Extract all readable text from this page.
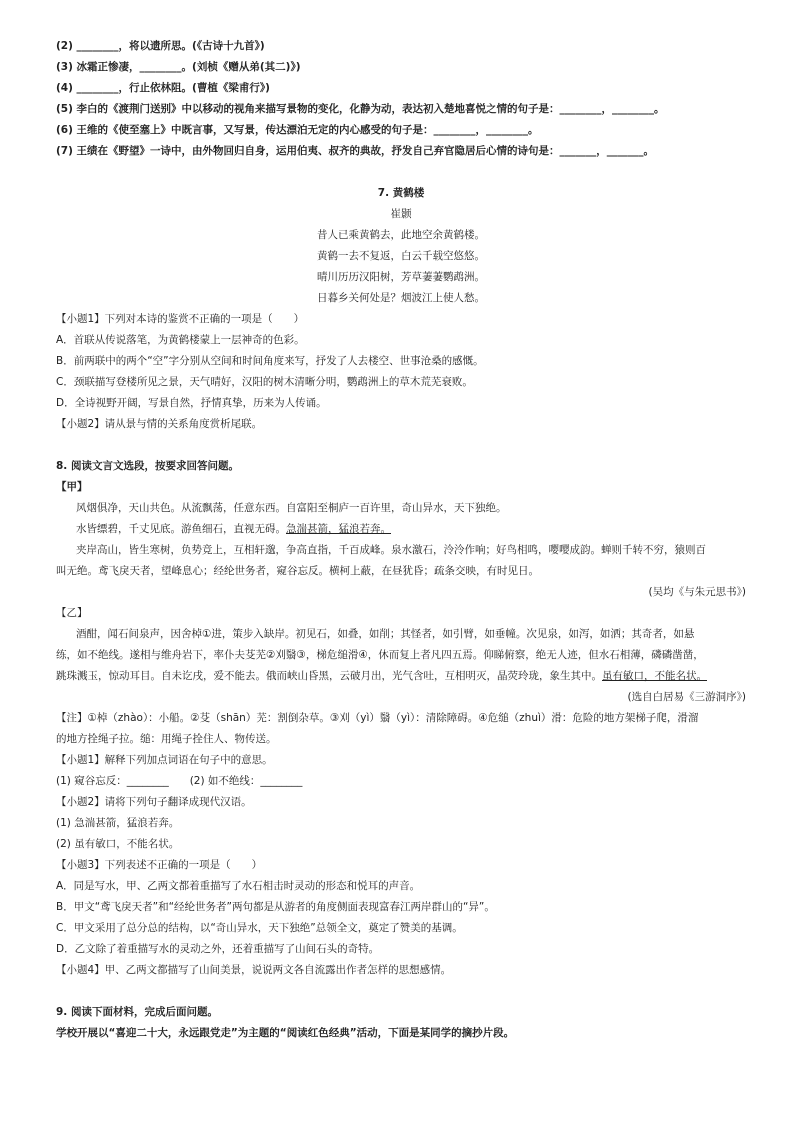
(2) ________，将以遗所思。(《古诗十九首》)
(3) 冰霜正惨凄，________。(刘桢《赠从弟(其二)》)
(4) ________，行止依林阻。(曹植《梁甫行》)
(5) 李白的《渡荆门送别》中以移动的视角来描写景物的变化，化静为动，表达初入楚地喜悦之情的句子是：________，________。
(6) 王维的《使至塞上》中既言事，又写景，传达漂泊无定的内心感受的句子是：________，________。
(7) 王绩在《野望》一诗中，由外物回归自身，运用伯夷、叔齐的典故，抒发自己弃官隐居后心情的诗句是：_______，_______。
7. 黄鹤楼
崔颢
昔人已乘黄鹤去，此地空余黄鹤楼。
黄鹤一去不复返，白云千载空悠悠。
晴川历历汉阳树，芳草萋萋鹦鹉洲。
日暮乡关何处是？烟波江上使人愁。
【小题1】下列对本诗的鉴赏不正确的一项是（　　）
A．首联从传说落笔，为黄鹤楼蒙上一层神奇的色彩。
B．前两联中的两个“空”字分别从空间和时间角度来写，抒发了人去楼空、世事沧桑的感慨。
C．颈联描写登楼所见之景，天气晴好，汉阳的树木清晰分明，鹦鹉洲上的草木荒芜衰败。
D．全诗视野开阔，写景自然，抒情真挚，历来为人传诵。
【小题2】请从景与情的关系角度赏析尾联。
8. 阅读文言文选段，按要求回答问题。
【甲】
风烟俱净，天山共色。从流飘荡，任意东西。自富阳至桐庐一百许里，奇山异水，天下独绝。
水皆缥碧，千丈见底。游鱼细石，直视无碍。急湍甚箭，猛浪若奔。
夹岸高山，皆生寒树，负势竞上，互相轩邈，争高直指，千百成峰。泉水激石，泠泠作响；好鸟相鸣，嘤嘤成韵。蝉则千转不穷，猿则百
叫无绝。鸢飞戾天者，望峰息心；经纶世务者，窥谷忘反。横柯上蔽，在昼犹昏；疏条交映，有时见日。
(吴均《与朱元思书》)
【乙】
酒酣，闻石间泉声，因舍棹①进，策步入缺岸。初见石，如叠，如削；其怪者，如引臂，如垂幢。次见泉，如泻，如洒；其奇者，如悬
练，如不绝线。遂相与维舟岩下，率仆夫芟芜②刈翳③，梯危缒滑④，休而复上者凡四五焉。仰睇俯察，绝无人迹，但水石相薄，磷磷凿凿，
跳珠溅玉，惊动耳目。自未讫戌，爱不能去。俄而峡山昏黑，云破月出，光气含吐，互相明灭，晶荧玲珑，象生其中。虽有敏口，不能名状。
(选自白居易《三游洞序》)
【注】①棹（zhào）：小船。②芟（shān）芜：割倒杂草。③刈（yì）翳（yì）：清除障碍。④危缒（zhuì）滑：危险的地方架梯子爬，滑溜
的地方拴绳子拉。缒：用绳子拴住人、物传送。
【小题1】解释下列加点词语在句子中的意思。
(1) 窥谷忘反：________　　(2) 如不绝线：________
【小题2】请将下列句子翻译成现代汉语。
(1) 急湍甚箭，猛浪若奔。
(2) 虽有敏口，不能名状。
【小题3】下列表述不正确的一项是（　　）
A．同是写水，甲、乙两文都着重描写了水石相击时灵动的形态和悦耳的声音。
B．甲文“鸢飞戾天者”和“经纶世务者”两句都是从游者的角度侧面表现富春江两岸群山的“异”。
C．甲文采用了总分总的结构，以“奇山异水，天下独绝”总领全文，奠定了赞美的基调。
D．乙文除了着重描写水的灵动之外，还着重描写了山间石头的奇特。
【小题4】甲、乙两文都描写了山间美景，说说两文各自流露出作者怎样的思想感情。
9. 阅读下面材料，完成后面问题。
学校开展以“喜迎二十大，永远跟党走”为主题的“阅读红色经典”活动，下面是某同学的摘抄片段。
